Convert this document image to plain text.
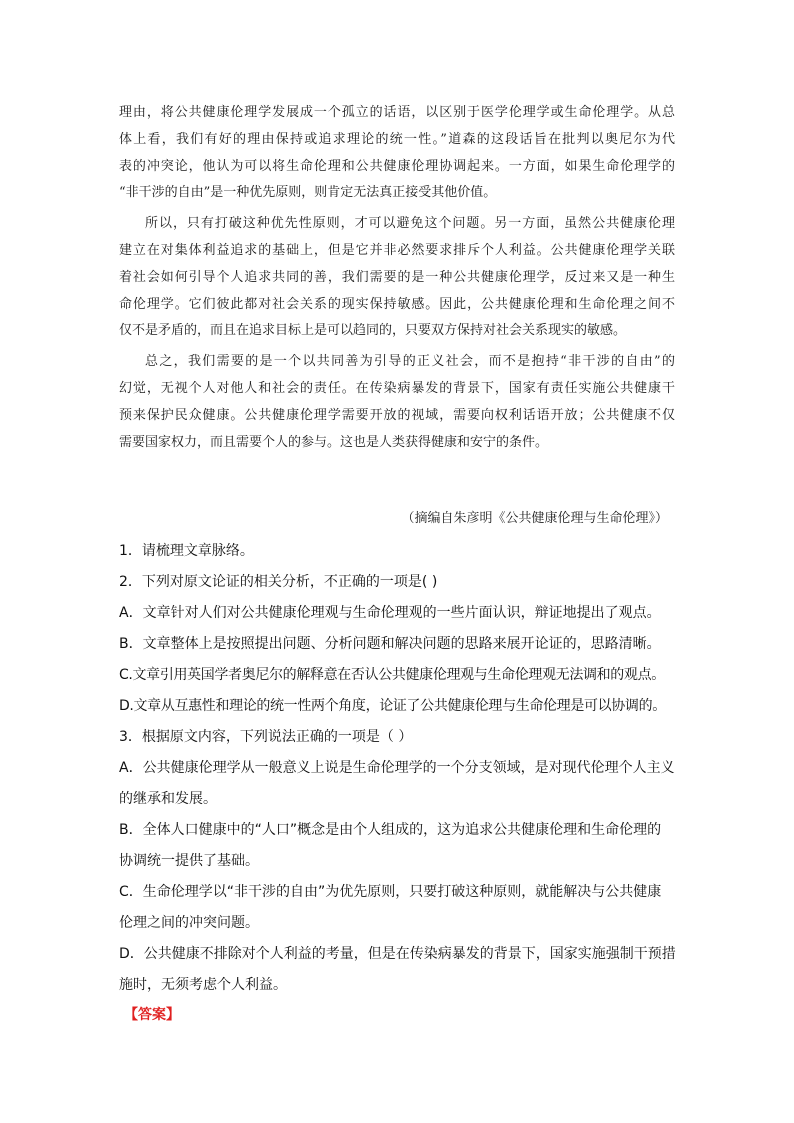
理由，将公共健康伦理学发展成一个孤立的话语，以区别于医学伦理学或生命伦理学。从总
体上看，我们有好的理由保持或追求理论的统一性。”道森的这段话旨在批判以奥尼尔为代
表的冲突论，他认为可以将生命伦理和公共健康伦理协调起来。一方面，如果生命伦理学的
“非干涉的自由”是一种优先原则，则肯定无法真正接受其他价值。

所以，只有打破这种优先性原则，才可以避免这个问题。另一方面，虽然公共健康伦理
建立在对集体利益追求的基础上，但是它并非必然要求排斥个人利益。公共健康伦理学关联
着社会如何引导个人追求共同的善，我们需要的是一种公共健康伦理学，反过来又是一种生
命伦理学。它们彼此都对社会关系的现实保持敏感。因此，公共健康伦理和生命伦理之间不
仅不是矛盾的，而且在追求目标上是可以趋同的，只要双方保持对社会关系现实的敏感。

总之，我们需要的是一个以共同善为引导的正义社会，而不是抱持“非干涉的自由”的
幻觉，无视个人对他人和社会的责任。在传染病暴发的背景下，国家有责任实施公共健康干
预来保护民众健康。公共健康伦理学需要开放的视域，需要向权利话语开放；公共健康不仅
需要国家权力，而且需要个人的参与。这也是人类获得健康和安宁的条件。

（摘编自朱彦明《公共健康伦理与生命伦理》）

1．请梳理文章脉络。

2．下列对原文论证的相关分析，不正确的一项是( )

A．文章针对人们对公共健康伦理观与生命伦理观的一些片面认识，辩证地提出了观点。

B．文章整体上是按照提出问题、分析问题和解决问题的思路来展开论证的，思路清晰。

C.文章引用英国学者奥尼尔的解释意在否认公共健康伦理观与生命伦理观无法调和的观点。

D.文章从互惠性和理论的统一性两个角度，论证了公共健康伦理与生命伦理是可以协调的。

3．根据原文内容，下列说法正确的一项是（ ）

A．公共健康伦理学从一般意义上说是生命伦理学的一个分支领域，是对现代伦理个人主义

的继承和发展。

B．全体人口健康中的“人口”概念是由个人组成的，这为追求公共健康伦理和生命伦理的

协调统一提供了基础。

C．生命伦理学以“非干涉的自由”为优先原则，只要打破这种原则，就能解决与公共健康

伦理之间的冲突问题。

D．公共健康不排除对个人利益的考量，但是在传染病暴发的背景下，国家实施强制干预措

施时，无须考虑个人利益。

【答案】
